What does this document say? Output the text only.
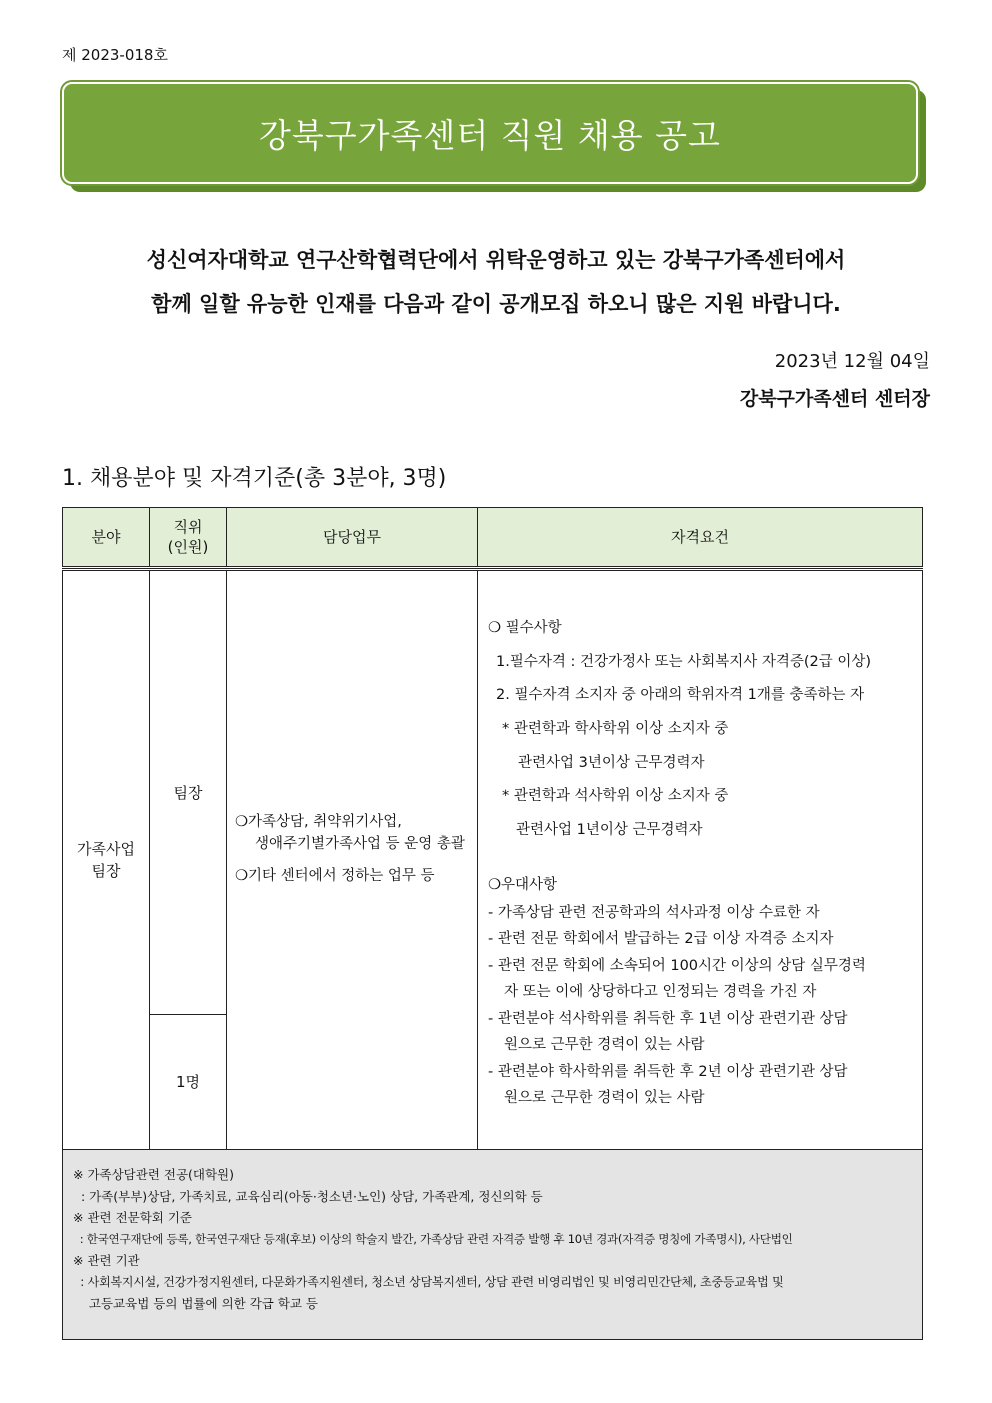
제 2023-018호
강북구가족센터 직원 채용 공고
성신여자대학교 연구산학협력단에서 위탁운영하고 있는 강북구가족센터에서
함께 일할 유능한 인재를 다음과 같이 공개모집 하오니 많은 지원 바랍니다.
2023년 12월 04일
강북구가족센터 센터장
1. 채용분야 및 자격기준(총 3분야, 3명)
분야
직위
(인원)
담당업무	자격요건
가족사업
팀장
팀장
1명

❍가족상담, 취약위기사업,

생애주기별가족사업 등 운영 총괄

❍기타 센터에서 정하는 업무 등

❍ 필수사항
1.필수자격 : 건강가정사 또는 사회복지사 자격증(2급 이상)
2. 필수자격 소지자 중 아래의 학위자격 1개를 충족하는 자
* 관련학과 학사학위 이상 소지자 중
관련사업 3년이상 근무경력자
* 관련학과 석사학위 이상 소지자 중
관련사업 1년이상 근무경력자
❍우대사항
- 가족상담 관련 전공학과의 석사과정 이상 수료한 자
- 관련 전문 학회에서 발급하는 2급 이상 자격증 소지자
- 관련 전문 학회에 소속되어 100시간 이상의 상담 실무경력
자 또는 이에 상당하다고 인정되는 경력을 가진 자
- 관련분야 석사학위를 취득한 후 1년 이상 관련기관 상담
원으로 근무한 경력이 있는 사람
- 관련분야 학사학위를 취득한 후 2년 이상 관련기관 상담
원으로 근무한 경력이 있는 사람
※ 가족상담관련 전공(대학원)
: 가족(부부)상담, 가족치료, 교육심리(아동·청소년·노인) 상담, 가족관계, 정신의학 등
※ 관련 전문학회 기준
: 한국연구재단에 등록, 한국연구재단 등재(후보) 이상의 학술지 발간, 가족상담 관련 자격증 발행 후 10년 경과(자격증 명칭에 가족명시), 사단법인
※ 관련 기관
: 사회복지시설, 건강가정지원센터, 다문화가족지원센터, 청소년 상담복지센터, 상담 관련 비영리법인 및 비영리민간단체, 초중등교육법 및
고등교육법 등의 법률에 의한 각급 학교 등
